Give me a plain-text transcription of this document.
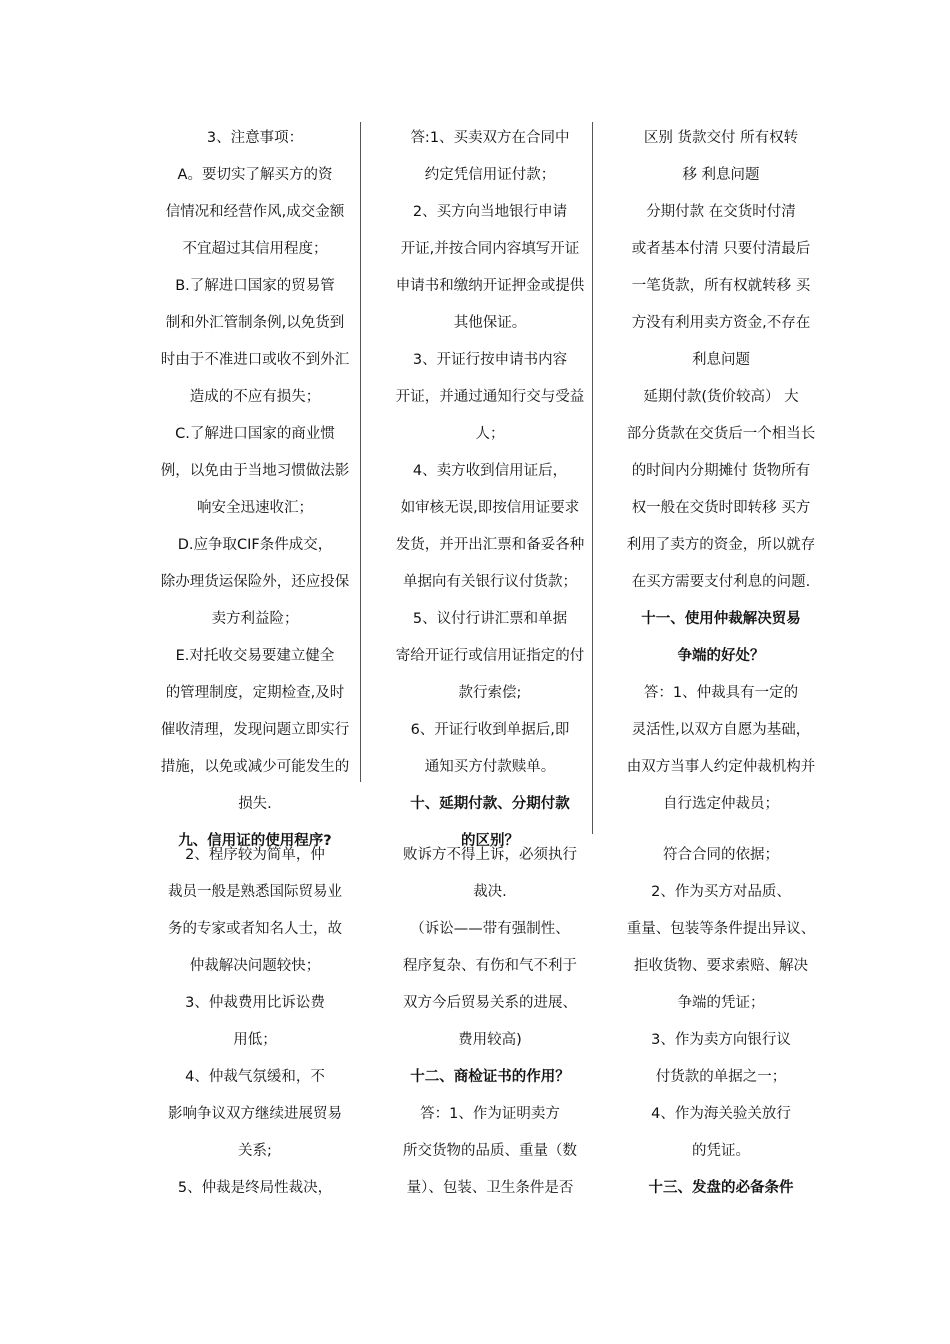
3、注意事项：

A。要切实了解买方的资

信情况和经营作风,成交金额

不宜超过其信用程度；

B.了解进口国家的贸易管

制和外汇管制条例,以免货到

时由于不准进口或收不到外汇

造成的不应有损失；

C.了解进口国家的商业惯

例，以免由于当地习惯做法影

响安全迅速收汇；

D.应争取CIF条件成交，

除办理货运保险外，还应投保

卖方利益险；

E.对托收交易要建立健全

的管理制度，定期检查,及时

催收清理，发现问题立即实行

措施，以免或减少可能发生的

损失.

九、信用证的使用程序?

答:1、买卖双方在合同中

约定凭信用证付款；

2、买方向当地银行申请

开证,并按合同内容填写开证

申请书和缴纳开证押金或提供

其他保证。

3、开证行按申请书内容

开证，并通过通知行交与受益

人；

4、卖方收到信用证后，

如审核无误,即按信用证要求

发货，并开出汇票和备妥各种

单据向有关银行议付货款；

5、议付行讲汇票和单据

寄给开证行或信用证指定的付

款行索偿;

6、开证行收到单据后,即

通知买方付款赎单。

十、延期付款、分期付款

的区别？

区别 货款交付 所有权转

移 利息问题

分期付款 在交货时付清

或者基本付清 只要付清最后

一笔货款，所有权就转移 买

方没有利用卖方资金,不存在

利息问题

延期付款(货价较高） 大

部分货款在交货后一个相当长

的时间内分期摊付 货物所有

权一般在交货时即转移 买方

利用了卖方的资金，所以就存

在买方需要支付利息的问题.

十一、使用仲裁解决贸易

争端的好处？

答：1、仲裁具有一定的

灵活性,以双方自愿为基础，

由双方当事人约定仲裁机构并

自行选定仲裁员；

2、程序较为简单，仲

裁员一般是熟悉国际贸易业

务的专家或者知名人士，故

仲裁解决问题较快；

3、仲裁费用比诉讼费

用低；

4、仲裁气氛缓和，不

影响争议双方继续进展贸易

关系;

5、仲裁是终局性裁决，

败诉方不得上诉，必须执行

裁决.

（诉讼——带有强制性、

程序复杂、有伤和气不利于

双方今后贸易关系的进展、

费用较高)

十二、商检证书的作用？

答：1、作为证明卖方

所交货物的品质、重量（数

量）、包装、卫生条件是否

符合合同的依据；

2、作为买方对品质、

重量、包装等条件提出异议、

拒收货物、要求索赔、解决

争端的凭证；

3、作为卖方向银行议

付货款的单据之一；

4、作为海关验关放行

的凭证。

十三、发盘的必备条件
